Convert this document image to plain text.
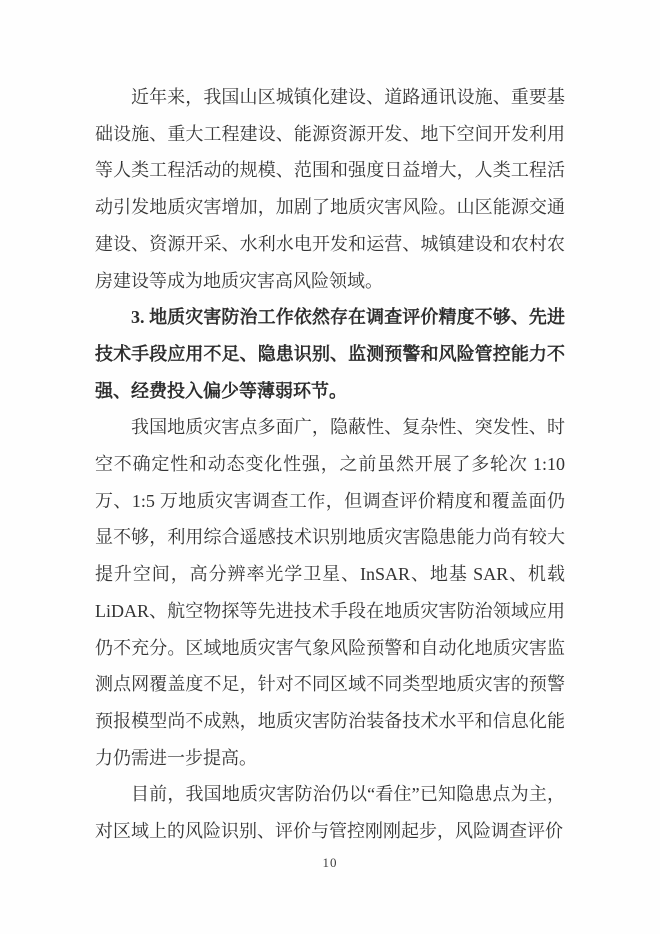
近年来，我国山区城镇化建设、道路通讯设施、重要基础设施、重大工程建设、能源资源开发、地下空间开发利用等人类工程活动的规模、范围和强度日益增大，人类工程活动引发地质灾害增加，加剧了地质灾害风险。山区能源交通建设、资源开采、水利水电开发和运营、城镇建设和农村农房建设等成为地质灾害高风险领域。

3. 地质灾害防治工作依然存在调查评价精度不够、先进技术手段应用不足、隐患识别、监测预警和风险管控能力不强、经费投入偏少等薄弱环节。

我国地质灾害点多面广，隐蔽性、复杂性、突发性、时空不确定性和动态变化性强，之前虽然开展了多轮次 1:10 万、1:5 万地质灾害调查工作，但调查评价精度和覆盖面仍显不够，利用综合遥感技术识别地质灾害隐患能力尚有较大提升空间，高分辨率光学卫星、InSAR、地基 SAR、机载 LiDAR、航空物探等先进技术手段在地质灾害防治领域应用仍不充分。区域地质灾害气象风险预警和自动化地质灾害监测点网覆盖度不足，针对不同区域不同类型地质灾害的预警预报模型尚不成熟，地质灾害防治装备技术水平和信息化能力仍需进一步提高。

目前，我国地质灾害防治仍以“看住”已知隐患点为主，对区域上的风险识别、评价与管控刚刚起步，风险调查评价

10
